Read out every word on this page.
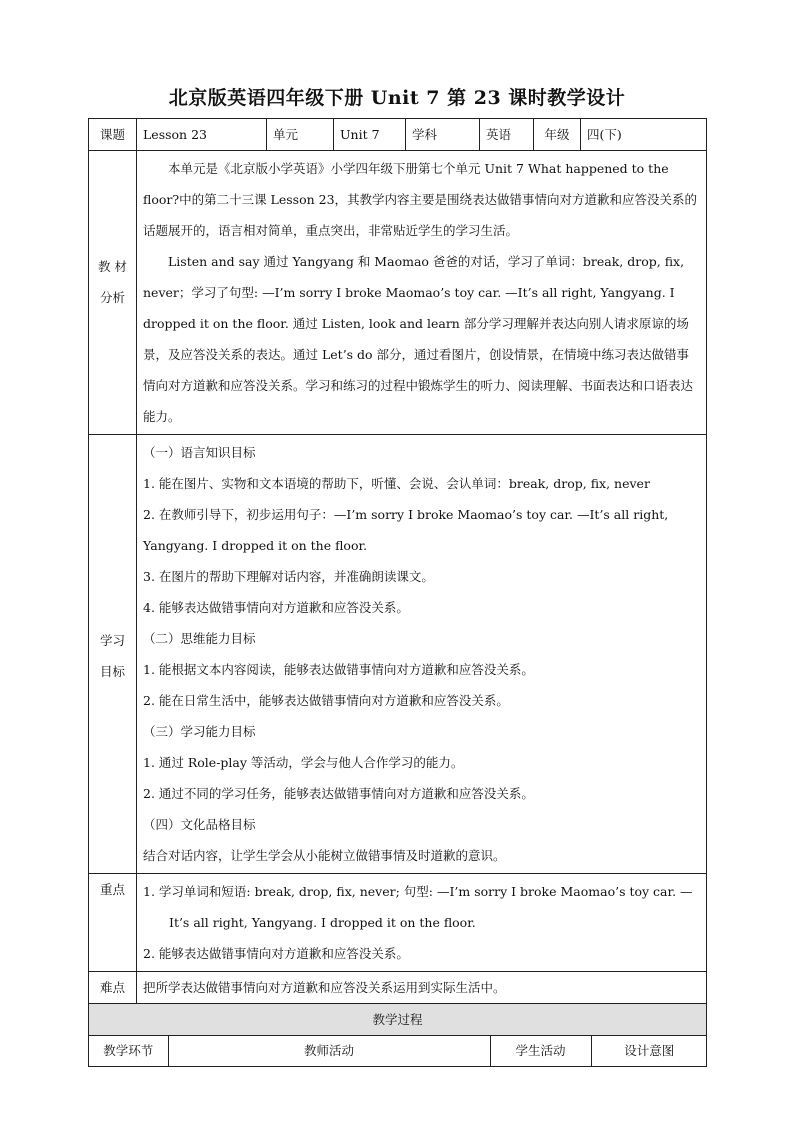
北京版英语四年级下册 Unit 7 第 23 课时教学设计
课题	Lesson 23	单元	Unit 7	学科	英语	年级	四(下)

教 材
分析

本单元是《北京版小学英语》小学四年级下册第七个单元 Unit 7 What happened to the floor?中的第二十三课 Lesson 23，其教学内容主要是围绕表达做错事情向对方道歉和应答没关系的话题展开的，语言相对简单，重点突出，非常贴近学生的学习生活。
Listen and say 通过 Yangyang 和 Maomao 爸爸的对话，学习了单词：break, drop, fix, never；学习了句型: —I’m sorry I broke Maomao’s toy car. —It’s all right, Yangyang. I dropped it on the floor. 通过 Listen, look and learn 部分学习理解并表达向别人请求原谅的场景，及应答没关系的表达。通过 Let’s do 部分，通过看图片，创设情景，在情境中练习表达做错事情向对方道歉和应答没关系。学习和练习的过程中锻炼学生的听力、阅读理解、书面表达和口语表达能力。

学习
目标

（一）语言知识目标
1. 能在图片、实物和文本语境的帮助下，听懂、会说、会认单词：break, drop, fix, never
2. 在教师引导下，初步运用句子：—I’m sorry I broke Maomao’s toy car. —It’s all right, Yangyang. I dropped it on the floor.
3. 在图片的帮助下理解对话内容，并准确朗读课文。
4. 能够表达做错事情向对方道歉和应答没关系。
（二）思维能力目标
1. 能根据文本内容阅读，能够表达做错事情向对方道歉和应答没关系。
2. 能在日常生活中，能够表达做错事情向对方道歉和应答没关系。
（三）学习能力目标
1. 通过 Role-play 等活动，学会与他人合作学习的能力。
2. 通过不同的学习任务，能够表达做错事情向对方道歉和应答没关系。
（四）文化品格目标
结合对话内容，让学生学会从小能树立做错事情及时道歉的意识。

重点	1. 学习单词和短语: break, drop, fix, never; 句型: —I’m sorry I broke Maomao’s toy car. —It’s all right, Yangyang. I dropped it on the floor.
2. 能够表达做错事情向对方道歉和应答没关系。

难点	把所学表达做错事情向对方道歉和应答没关系运用到实际生活中。
教学过程

教学环节	教师活动	学生活动	设计意图
